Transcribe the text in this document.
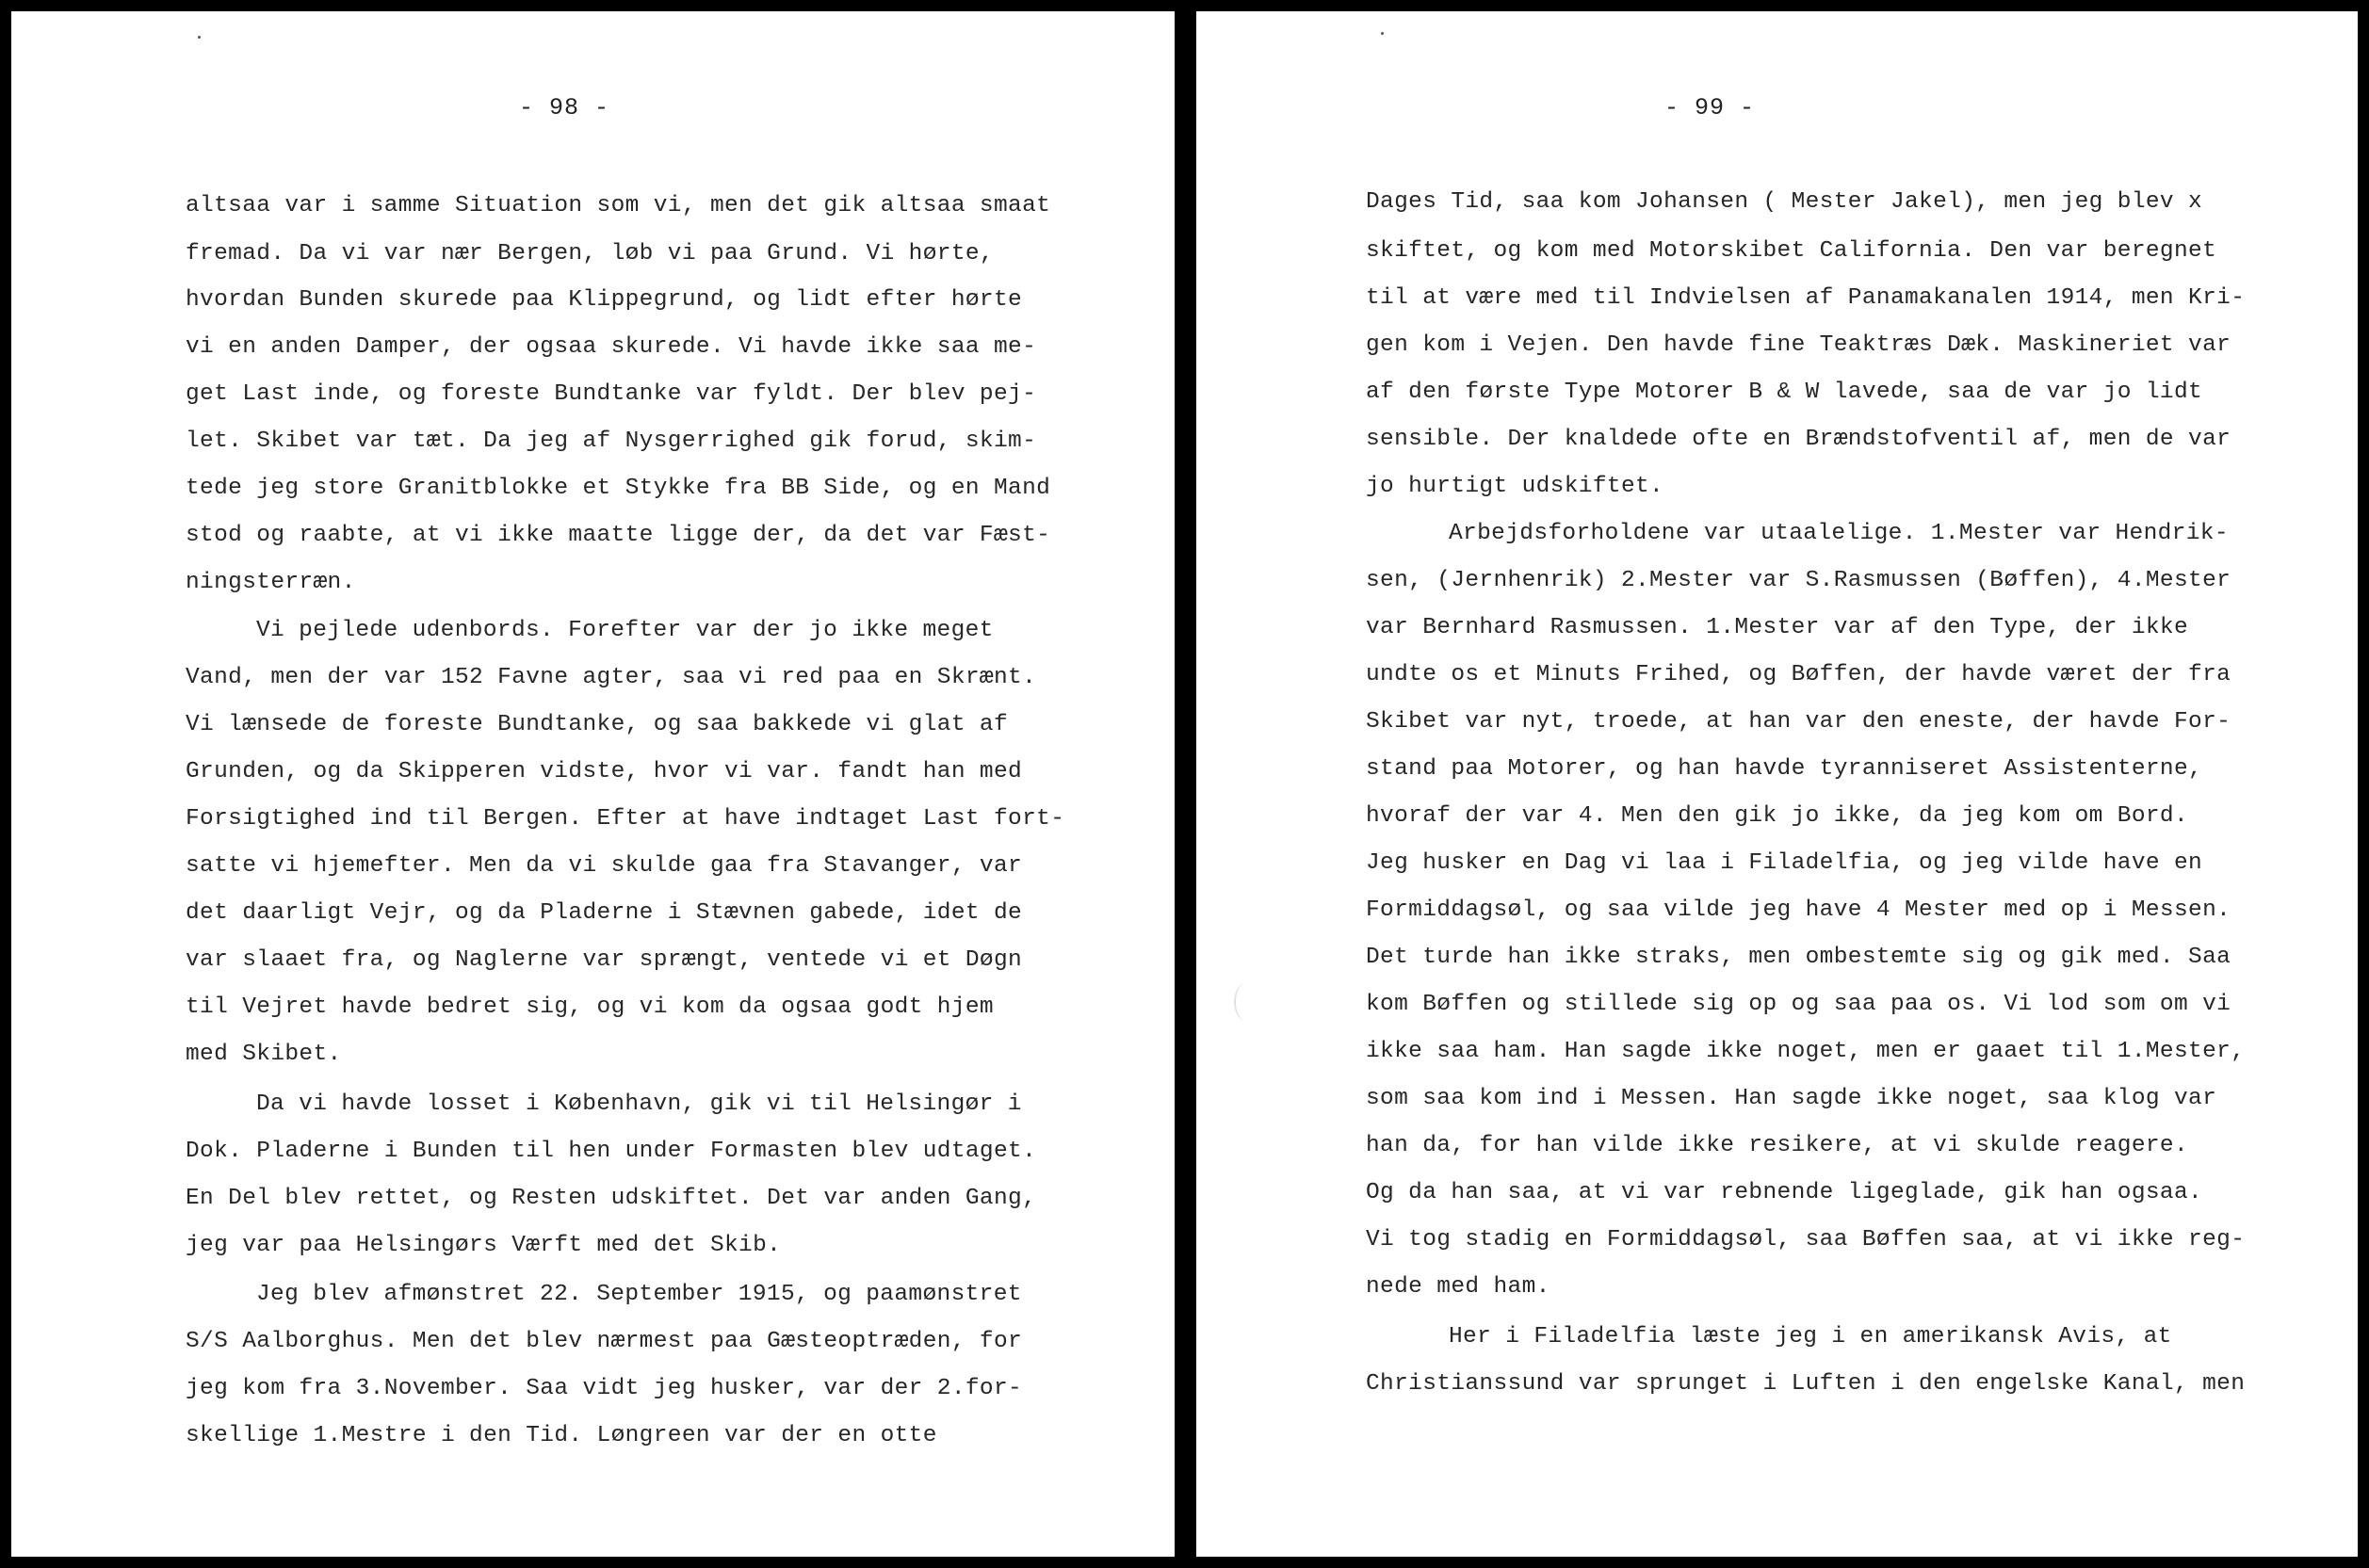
- 98 -
altsaa var i samme Situation som vi, men det gik altsaa smaat
fremad. Da vi var nær Bergen, løb vi paa Grund. Vi hørte,
hvordan Bunden skurede paa Klippegrund, og lidt efter hørte
vi en anden Damper, der ogsaa skurede. Vi havde ikke saa me-
get Last inde, og foreste Bundtanke var fyldt. Der blev pej-
let. Skibet var tæt. Da jeg af Nysgerrighed gik forud, skim-
tede jeg store Granitblokke et Stykke fra BB Side, og en Mand
stod og raabte, at vi ikke maatte ligge der, da det var Fæst-
ningsterræn.
Vi pejlede udenbords. Forefter var der jo ikke meget
Vand, men der var 152 Favne agter, saa vi red paa en Skrænt.
Vi lænsede de foreste Bundtanke, og saa bakkede vi glat af
Grunden, og da Skipperen vidste, hvor vi var. fandt han med
Forsigtighed ind til Bergen. Efter at have indtaget Last fort-
satte vi hjemefter. Men da vi skulde gaa fra Stavanger, var
det daarligt Vejr, og da Pladerne i Stævnen gabede, idet de
var slaaet fra, og Naglerne var sprængt, ventede vi et Døgn
til Vejret havde bedret sig, og vi kom da ogsaa godt hjem
med Skibet.
Da vi havde losset i København, gik vi til Helsingør i
Dok. Pladerne i Bunden til hen under Formasten blev udtaget.
En Del blev rettet, og Resten udskiftet. Det var anden Gang,
jeg var paa Helsingørs Værft med det Skib.
Jeg blev afmønstret 22. September 1915, og paamønstret
S/S Aalborghus. Men det blev nærmest paa Gæsteoptræden, for
jeg kom fra 3.November. Saa vidt jeg husker, var der 2.for-
skellige 1.Mestre i den Tid. Løngreen var der en otte
- 99 -
Dages Tid, saa kom Johansen ( Mester Jakel), men jeg blev x
skiftet, og kom med Motorskibet California. Den var beregnet
til at være med til Indvielsen af Panamakanalen 1914, men Kri-
gen kom i Vejen. Den havde fine Teaktræs Dæk. Maskineriet var
af den første Type Motorer B & W lavede, saa de var jo lidt
sensible. Der knaldede ofte en Brændstofventil af, men de var
jo hurtigt udskiftet.
Arbejdsforholdene var utaalelige. 1.Mester var Hendrik-
sen, (Jernhenrik) 2.Mester var S.Rasmussen (Bøffen), 4.Mester
var Bernhard Rasmussen. 1.Mester var af den Type, der ikke
undte os et Minuts Frihed, og Bøffen, der havde været der fra
Skibet var nyt, troede, at han var den eneste, der havde For-
stand paa Motorer, og han havde tyranniseret Assistenterne,
hvoraf der var 4. Men den gik jo ikke, da jeg kom om Bord.
Jeg husker en Dag vi laa i Filadelfia, og jeg vilde have en
Formiddagsøl, og saa vilde jeg have 4 Mester med op i Messen.
Det turde han ikke straks, men ombestemte sig og gik med. Saa
kom Bøffen og stillede sig op og saa paa os. Vi lod som om vi
ikke saa ham. Han sagde ikke noget, men er gaaet til 1.Mester,
som saa kom ind i Messen. Han sagde ikke noget, saa klog var
han da, for han vilde ikke resikere, at vi skulde reagere.
Og da han saa, at vi var rebnende ligeglade, gik han ogsaa.
Vi tog stadig en Formiddagsøl, saa Bøffen saa, at vi ikke reg-
nede med ham.
Her i Filadelfia læste jeg i en amerikansk Avis, at
Christianssund var sprunget i Luften i den engelske Kanal, men
